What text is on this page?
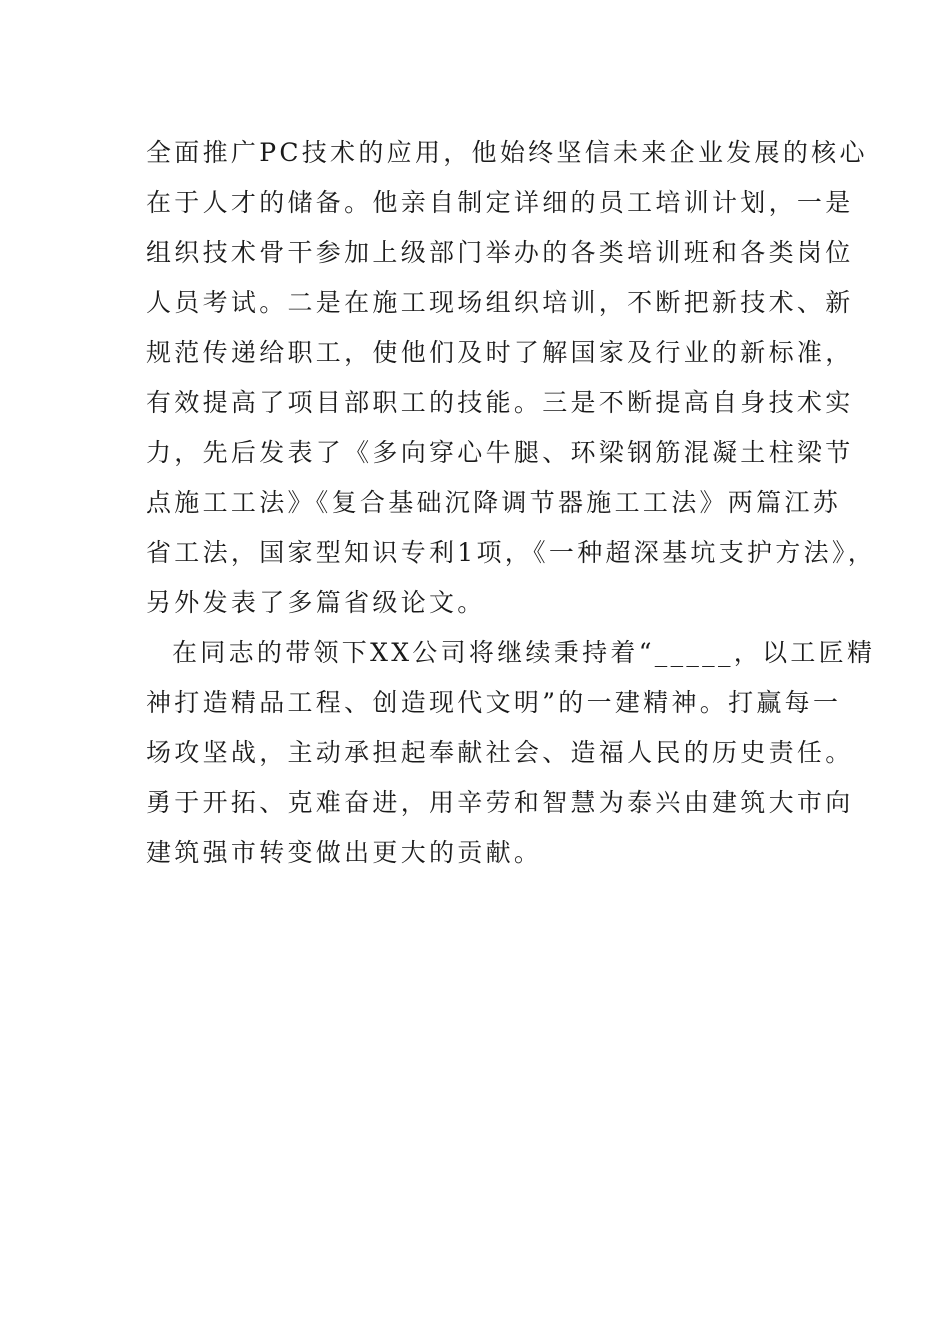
全面推广PC技术的应用，他始终坚信未来企业发展的核心
在于人才的储备。他亲自制定详细的员工培训计划，一是
组织技术骨干参加上级部门举办的各类培训班和各类岗位
人员考试。二是在施工现场组织培训，不断把新技术、新
规范传递给职工，使他们及时了解国家及行业的新标准，
有效提高了项目部职工的技能。三是不断提高自身技术实
力，先后发表了《多向穿心牛腿、环梁钢筋混凝土柱梁节
点施工工法》《复合基础沉降调节器施工工法》两篇江苏
省工法，国家型知识专利1项，《一种超深基坑支护方法》，
另外发表了多篇省级论文。
在同志的带领下XX公司将继续秉持着“_____，以工匠精
神打造精品工程、创造现代文明”的一建精神。打赢每一
场攻坚战，主动承担起奉献社会、造福人民的历史责任。
勇于开拓、克难奋进，用辛劳和智慧为泰兴由建筑大市向
建筑强市转变做出更大的贡献。
